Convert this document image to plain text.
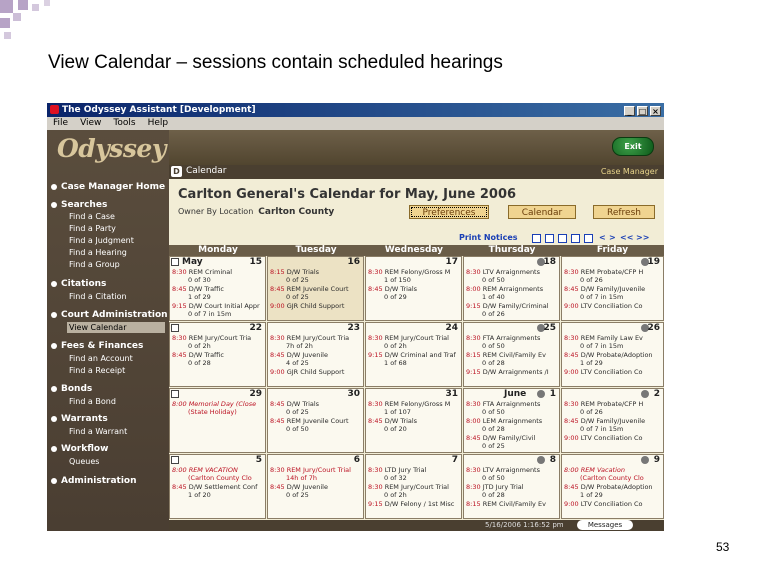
View Calendar – sessions contain scheduled hearings
53
The Odyssey Assistant [Development]	_ □ ×
File View Tools Help
Odyssey
Case Manager Home
Searches
Find a Case
Find a Party
Find a Judgment
Find a Hearing
Find a Group
Citations
Find a Citation
Court Administration
View Calendar
Fees & Finances
Find an Account
Find a Receipt
Bonds
Find a Bond
Warrants
Find a Warrant
Workflow
Queues
Administration
Exit
D Calendar	Case Manager
Carlton General's Calendar for May, June 2006
Owner By Location Carlton County	Preferences	Calendar	Refresh
Print Notices	< > << >>
Monday	Tuesday	Wednesday	Thursday	Friday
May	15
8:30 REM Criminal
0 of 30
8:45 D/W Traffic
1 of 29
9:15 D/W Court Initial Appr
0 of 7 in 15m
16
8:15 D/W Trials
0 of 25
8:45 REM Juvenile Court
0 of 25
9:00 GJR Child Support
17
8:30 REM Felony/Gross M
1 of 150
8:45 D/W Trials
0 of 29
18
8:30 LTV Arraignments
0 of 50
8:00 REM Arraignments
1 of 40
9:15 D/W Family/Criminal
0 of 26
19
8:30 REM Probate/CFP H
0 of 26
8:45 D/W Family/Juvenile
0 of 7 in 15m
9:00 LTV Conciliation Co
22
8:30 REM Jury/Court Tria
0 of 2h
8:45 D/W Traffic
0 of 28
23
8:30 REM Jury/Court Tria
7h of 2h
8:45 D/W Juvenile
4 of 25
9:00 GJR Child Support
24
8:30 REM Jury/Court Trial
0 of 2h
9:15 D/W Criminal and Traf
1 of 68
25
8:30 FTA Arraignments
0 of 50
8:15 REM Civil/Family Ev
0 of 28
9:15 D/W Arraignments /I
26
8:30 REM Family Law Ev
0 of 7 in 15m
8:45 D/W Probate/Adoption
1 of 29
9:00 LTV Conciliation Co
29
8:00 Memorial Day (Close
(State Holiday)
30
8:45 D/W Trials
0 of 25
8:45 REM Juvenile Court
0 of 50
31
8:30 REM Felony/Gross M
1 of 107
8:45 D/W Trials
0 of 20
June	1
8:30 FTA Arraignments
0 of 50
8:00 LEM Arraignments
0 of 28
8:45 D/W Family/Civil
0 of 25
2
8:30 REM Probate/CFP H
0 of 26
8:45 D/W Family/Juvenile
0 of 7 in 15m
9:00 LTV Conciliation Co
5
8:00 REM VACATION
(Carlton County Clo
8:45 D/W Settlement Conf
1 of 20
6
8:30 REM Jury/Court Trial
14h of 7h
8:45 D/W Juvenile
0 of 25
7
8:30 LTD Jury Trial
0 of 32
8:30 REM Jury/Court Trial
0 of 2h
9:15 D/W Felony / 1st Misc
8
8:30 LTV Arraignments
0 of 50
8:30 JTD Jury Trial
0 of 28
8:15 REM Civil/Family Ev
9
8:00 REM Vacation
(Carlton County Clo
8:45 D/W Probate/Adoption
1 of 29
9:00 LTV Conciliation Co
5/16/2006 1:16:52 pm	Messages
